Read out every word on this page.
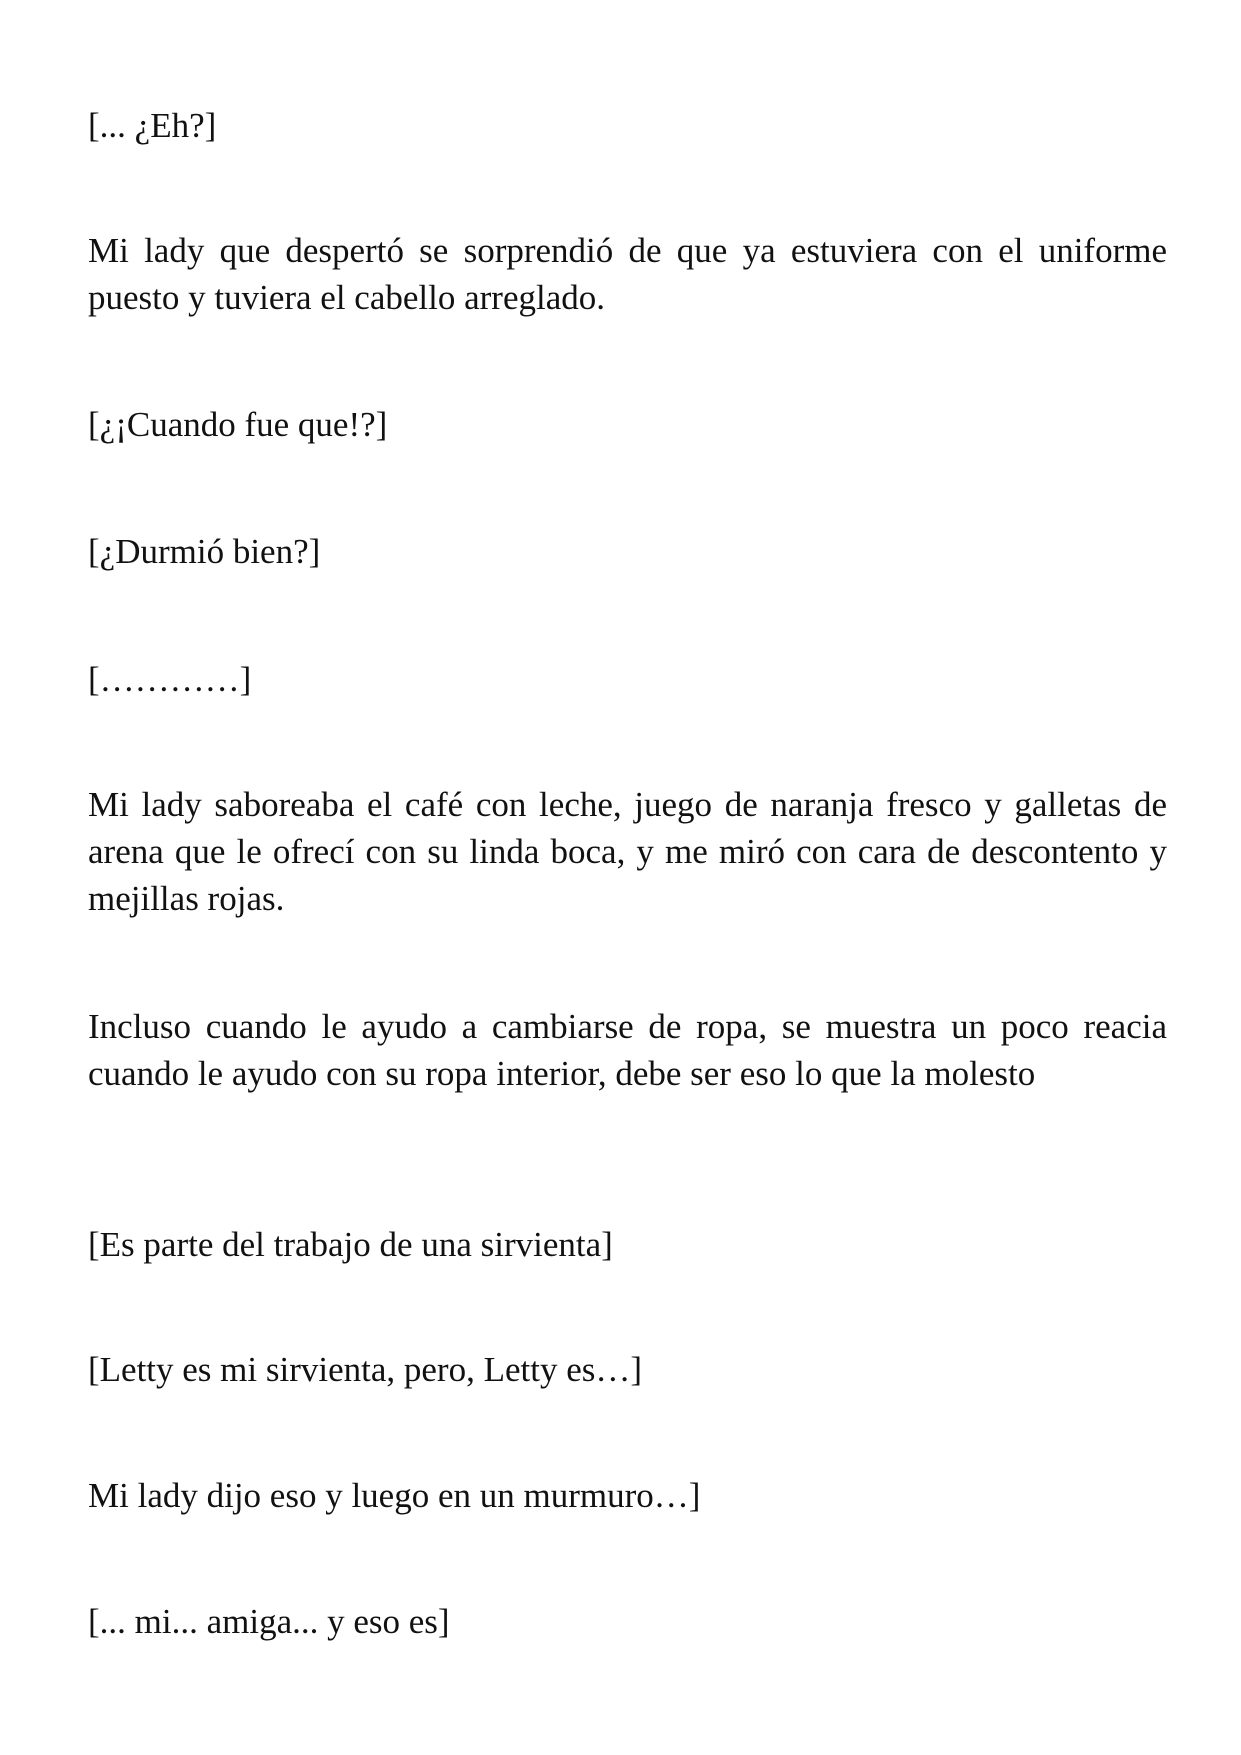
[... ¿Eh?]

Mi lady que despertó se sorprendió de que ya estuviera con el uniforme puesto y tuviera el cabello arreglado.

[¿¡Cuando fue que!?]

[¿Durmió bien?]

[…………]

Mi lady saboreaba el café con leche, juego de naranja fresco y galletas de arena que le ofrecí con su linda boca, y me miró con cara de descontento y mejillas rojas.

Incluso cuando le ayudo a cambiarse de ropa, se muestra un poco reacia cuando le ayudo con su ropa interior, debe ser eso lo que la molesto

[Es parte del trabajo de una sirvienta]

[Letty es mi sirvienta, pero, Letty es…]

Mi lady dijo eso y luego en un murmuro…]

[... mi... amiga... y eso es]
